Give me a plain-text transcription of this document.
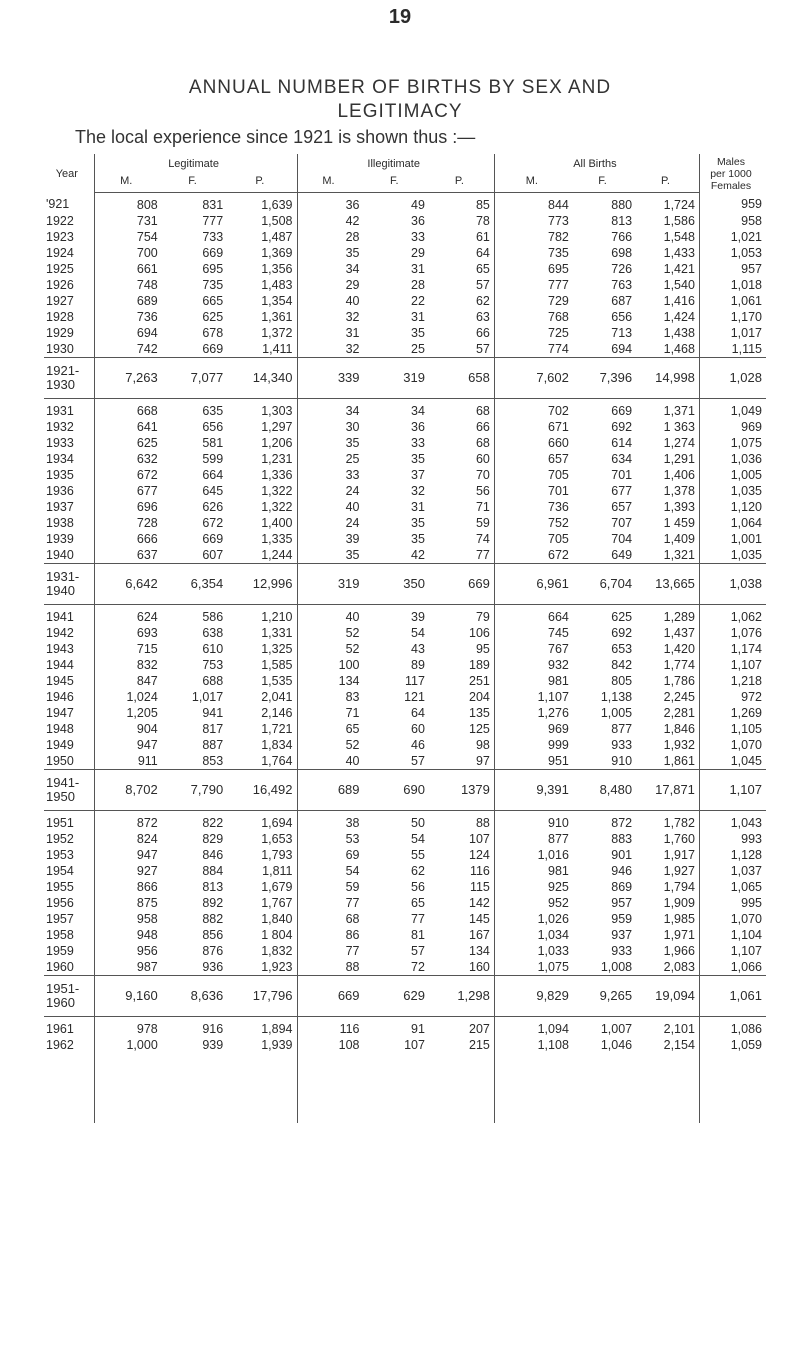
19
ANNUAL NUMBER OF BIRTHS BY SEX AND
LEGITIMACY
The local experience since 1921 is shown thus :—
Year	Legitimate			Illegitimate			All Births			Males
per 1000
Females
	M.	F.	P.	M.	F.	P.	M.	F.	P.	
'921	808	831	1,639	36	49	85	844	880	1,724	959
1922	731	777	1,508	42	36	78	773	813	1,586	958
1923	754	733	1,487	28	33	61	782	766	1,548	1,021
1924	700	669	1,369	35	29	64	735	698	1,433	1,053
1925	661	695	1,356	34	31	65	695	726	1,421	957
1926	748	735	1,483	29	28	57	777	763	1,540	1,018
1927	689	665	1,354	40	22	62	729	687	1,416	1,061
1928	736	625	1,361	32	31	63	768	656	1,424	1,170
1929	694	678	1,372	31	35	66	725	713	1,438	1,017
1930	742	669	1,411	32	25	57	774	694	1,468	1,115

1921-
1930	7,263	7,077	14,340	339	319	658	7,602	7,396	14,998	1,028
1931	668	635	1,303	34	34	68	702	669	1,371	1,049
1932	641	656	1,297	30	36	66	671	692	1 363	969
1933	625	581	1,206	35	33	68	660	614	1,274	1,075
1934	632	599	1,231	25	35	60	657	634	1,291	1,036
1935	672	664	1,336	33	37	70	705	701	1,406	1,005
1936	677	645	1,322	24	32	56	701	677	1,378	1,035
1937	696	626	1,322	40	31	71	736	657	1,393	1,120
1938	728	672	1,400	24	35	59	752	707	1 459	1,064
1939	666	669	1,335	39	35	74	705	704	1,409	1,001
1940	637	607	1,244	35	42	77	672	649	1,321	1,035

1931-
1940	6,642	6,354	12,996	319	350	669	6,961	6,704	13,665	1,038
1941	624	586	1,210	40	39	79	664	625	1,289	1,062
1942	693	638	1,331	52	54	106	745	692	1,437	1,076
1943	715	610	1,325	52	43	95	767	653	1,420	1,174
1944	832	753	1,585	100	89	189	932	842	1,774	1,107
1945	847	688	1,535	134	117	251	981	805	1,786	1,218
1946	1,024	1,017	2,041	83	121	204	1,107	1,138	2,245	972
1947	1,205	941	2,146	71	64	135	1,276	1,005	2,281	1,269
1948	904	817	1,721	65	60	125	969	877	1,846	1,105
1949	947	887	1,834	52	46	98	999	933	1,932	1,070
1950	911	853	1,764	40	57	97	951	910	1,861	1,045

1941-
1950	8,702	7,790	16,492	689	690	1379	9,391	8,480	17,871	1,107
1951	872	822	1,694	38	50	88	910	872	1,782	1,043
1952	824	829	1,653	53	54	107	877	883	1,760	993
1953	947	846	1,793	69	55	124	1,016	901	1,917	1,128
1954	927	884	1,811	54	62	116	981	946	1,927	1,037
1955	866	813	1,679	59	56	115	925	869	1,794	1,065
1956	875	892	1,767	77	65	142	952	957	1,909	995
1957	958	882	1,840	68	77	145	1,026	959	1,985	1,070
1958	948	856	1 804	86	81	167	1,034	937	1,971	1,104
1959	956	876	1,832	77	57	134	1,033	933	1,966	1,107
1960	987	936	1,923	88	72	160	1,075	1,008	2,083	1,066

1951-
1960	9,160	8,636	17,796	669	629	1,298	9,829	9,265	19,094	1,061
1961	978	916	1,894	116	91	207	1,094	1,007	2,101	1,086
1962	1,000	939	1,939	108	107	215	1,108	1,046	2,154	1,059
